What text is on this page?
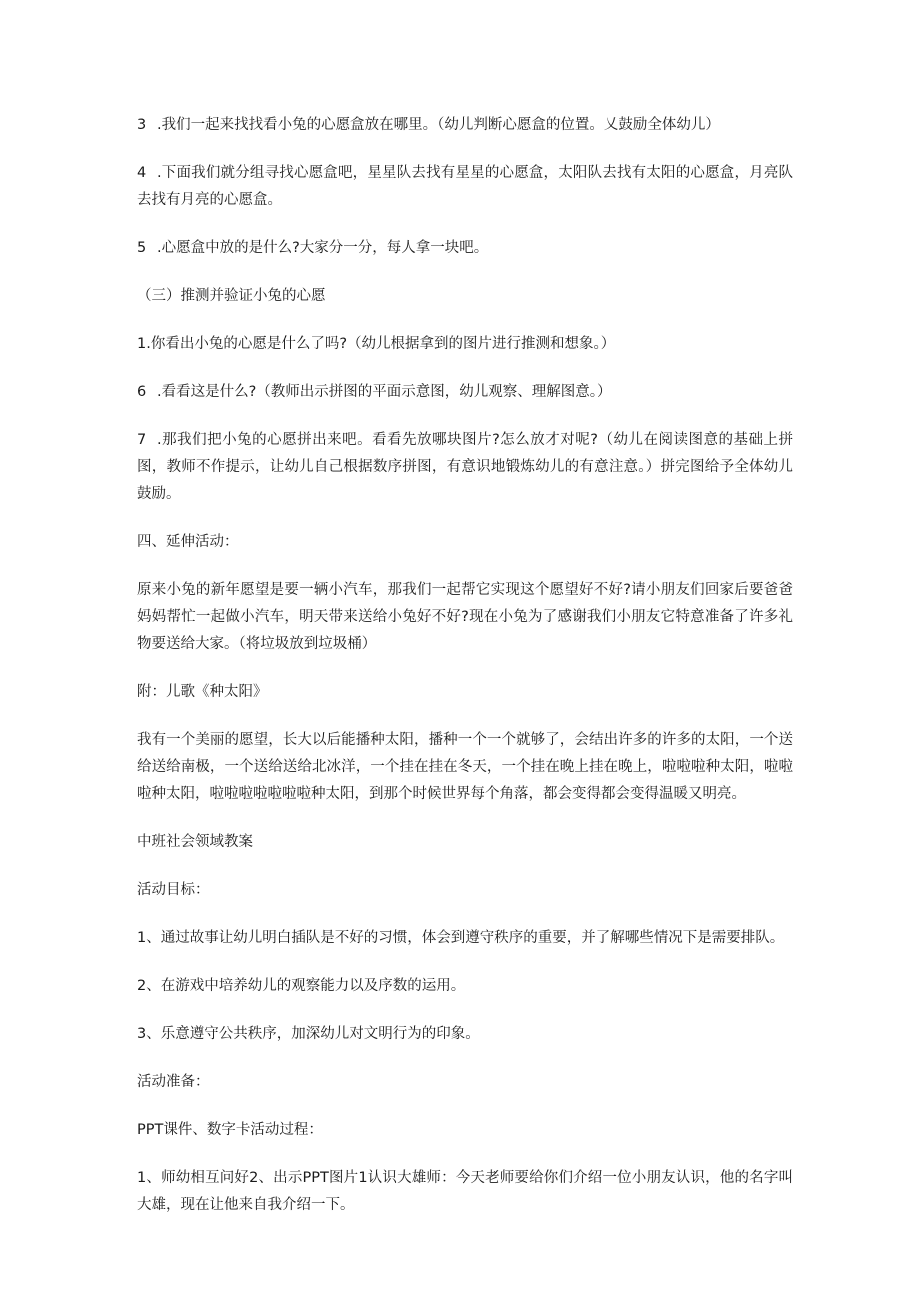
3 .我们一起来找找看小兔的心愿盒放在哪里。（幼儿判断心愿盒的位置。乂鼓励全体幼儿）

4 .下面我们就分组寻找心愿盒吧，星星队去找有星星的心愿盒，太阳队去找有太阳的心愿盒，月亮队去找有月亮的心愿盒。

5 .心愿盒中放的是什么?大家分一分，每人拿一块吧。

（三）推测并验证小兔的心愿

1.你看出小兔的心愿是什么了吗?（幼儿根据拿到的图片进行推测和想象。）

6 .看看这是什么?（教师出示拼图的平面示意图，幼儿观察、理解图意。）

7 .那我们把小兔的心愿拼出来吧。看看先放哪块图片?怎么放才对呢?（幼儿在阅读图意的基础上拼图，教师不作提示，让幼儿自己根据数序拼图，有意识地锻炼幼儿的有意注意。）拼完图给予全体幼儿鼓励。

四、延伸活动：

原来小兔的新年愿望是要一辆小汽车，那我们一起帮它实现这个愿望好不好?请小朋友们回家后要爸爸妈妈帮忙一起做小汽车，明天带来送给小兔好不好?现在小兔为了感谢我们小朋友它特意准备了许多礼物要送给大家。（将垃圾放到垃圾桶）

附：儿歌《种太阳》

我有一个美丽的愿望，长大以后能播种太阳，播种一个一个就够了，会结出许多的许多的太阳，一个送给送给南极，一个送给送给北冰洋，一个挂在挂在冬天，一个挂在晚上挂在晚上，啦啦啦种太阳，啦啦啦种太阳，啦啦啦啦啦啦啦种太阳，到那个时候世界每个角落，都会变得都会变得温暖又明亮。

中班社会领域教案

活动目标：

1、通过故事让幼儿明白插队是不好的习惯，体会到遵守秩序的重要，并了解哪些情况下是需要排队。

2、在游戏中培养幼儿的观察能力以及序数的运用。

3、乐意遵守公共秩序，加深幼儿对文明行为的印象。

活动准备：

PPT课件、数字卡活动过程：

1、师幼相互问好2、出示PPT图片1认识大雄师：今天老师要给你们介绍一位小朋友认识，他的名字叫大雄，现在让他来自我介绍一下。
